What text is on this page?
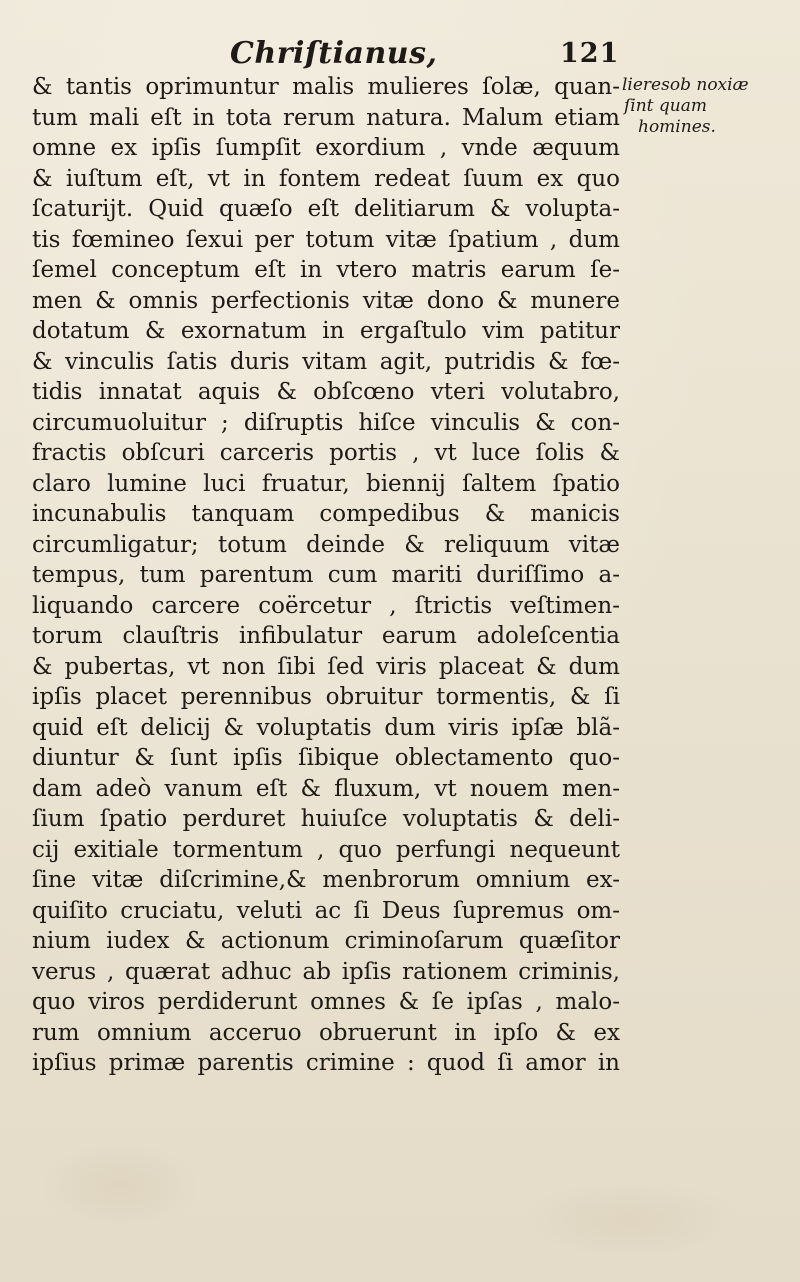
Chriſtianus,	121
lieresob noxiæ
ſint quam
homines.
& tantis oprimuntur malis mulieres ſolæ, quan-
tum mali eſt in tota rerum natura. Malum etiam
omne ex ipſis ſumpſit exordium , vnde æquum
& iuſtum eſt, vt in fontem redeat ſuum ex quo
ſcaturijt. Quid quæſo eſt delitiarum & volupta-
tis fœmineo ſexui per totum vitæ ſpatium , dum
ſemel conceptum eſt in vtero matris earum ſe-
men & omnis perfectionis vitæ dono & munere
dotatum & exornatum in ergaſtulo vim patitur
& vinculis ſatis duris vitam agit, putridis & fœ-
tidis innatat aquis & obſcœno vteri volutabro,
circumuoluitur ; diſruptis hiſce vinculis & con-
fractis obſcuri carceris portis , vt luce ſolis &
claro lumine luci fruatur, biennij ſaltem ſpatio
incunabulis tanquam compedibus & manicis
circumligatur; totum deinde & reliquum vitæ
tempus, tum parentum cum mariti duriſſimo a-
liquando carcere coërcetur , ſtrictis veſtimen-
torum clauſtris infibulatur earum adoleſcentia
& pubertas, vt non ſibi ſed viris placeat & dum
ipſis placet perennibus obruitur tormentis, & ſi
quid eſt delicij & voluptatis dum viris ipſæ blã-
diuntur & ſunt ipſis ſibique oblectamento quo-
dam adeò vanum eſt & fluxum, vt nouem men-
ſium ſpatio perduret huiuſce voluptatis & deli-
cij exitiale tormentum , quo perfungi nequeunt
ſine vitæ diſcrimine,& menbrorum omnium ex-
quiſito cruciatu, veluti ac ſi Deus ſupremus om-
nium iudex & actionum criminoſarum quæſitor
verus , quærat adhuc ab ipſis rationem criminis,
quo viros perdiderunt omnes & ſe ipſas , malo-
rum omnium acceruo obruerunt in ipſo & ex
ipſius primæ parentis crimine : quod ſi amor in
